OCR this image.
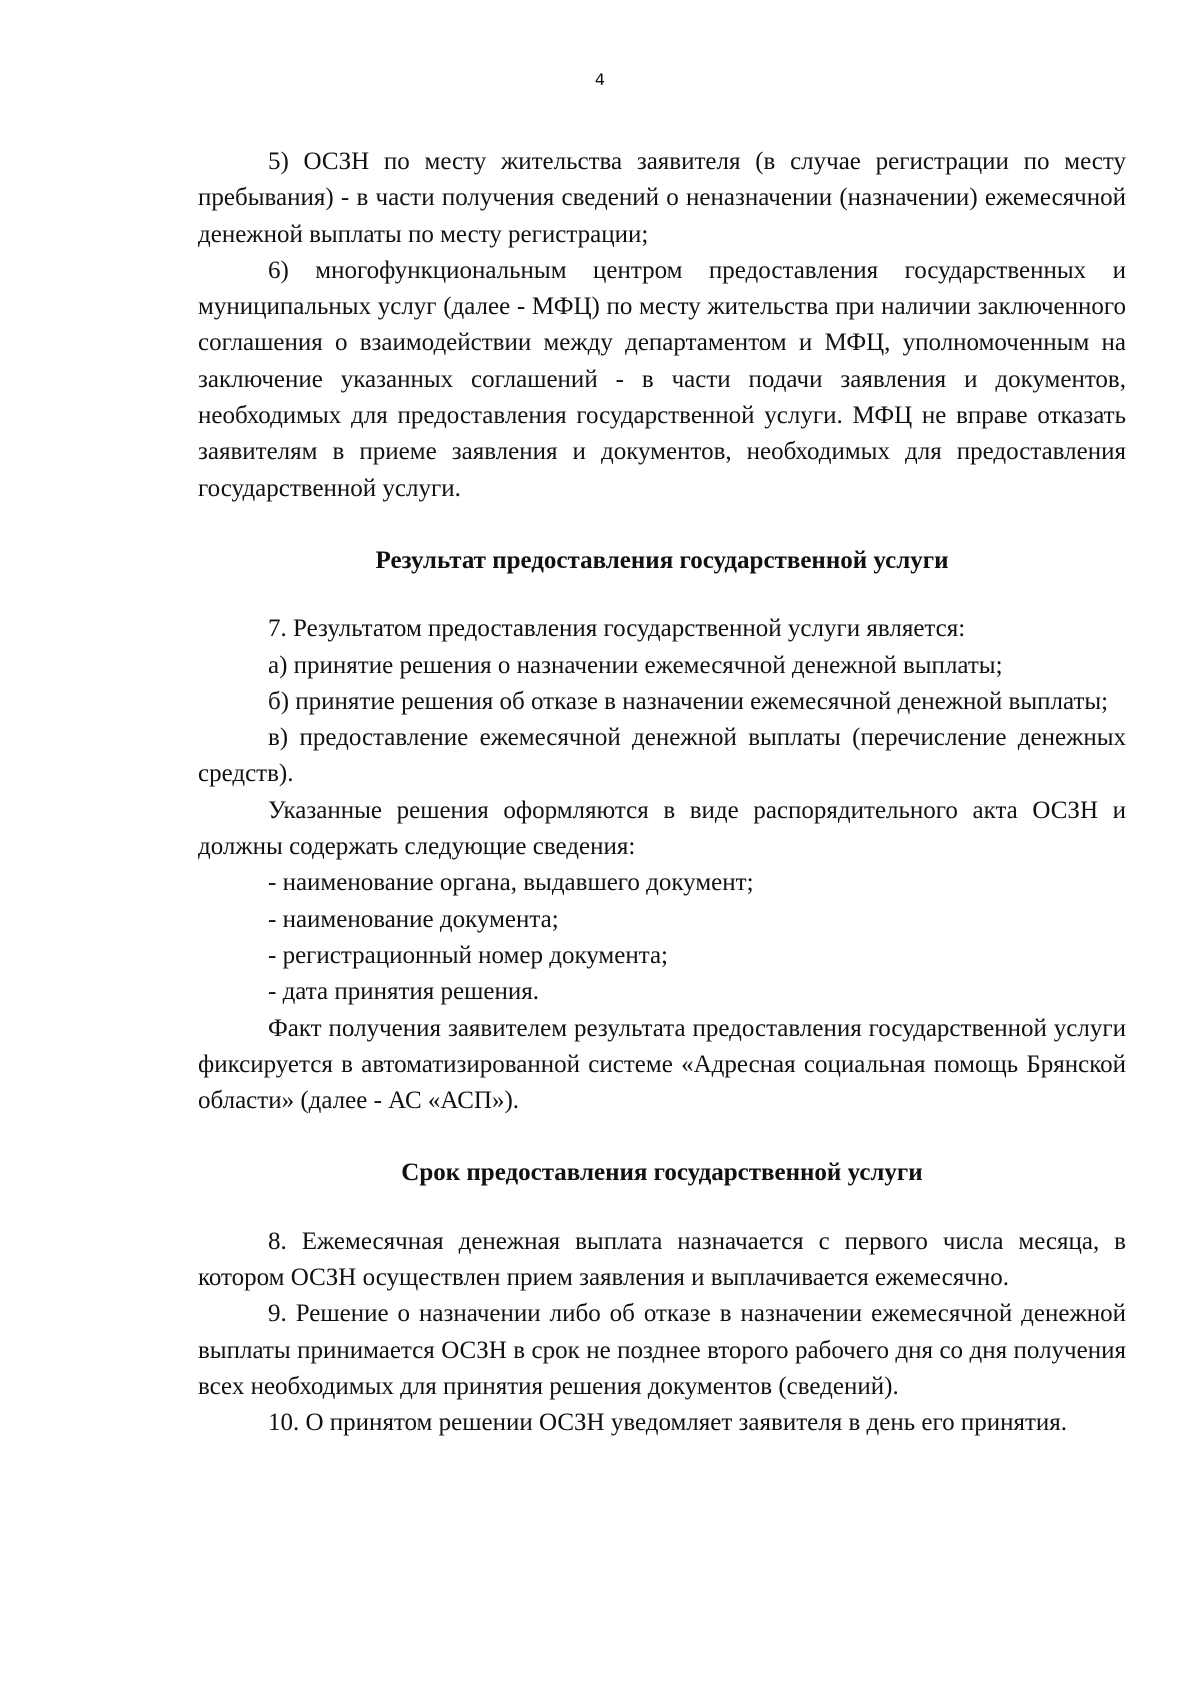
4

5) ОСЗН по месту жительства заявителя (в случае регистрации по месту пребывания) - в части получения сведений о неназначении (назначении) ежемесячной денежной выплаты по месту регистрации;

6) многофункциональным центром предоставления государственных и муниципальных услуг (далее - МФЦ) по месту жительства при наличии заключенного соглашения о взаимодействии между департаментом и МФЦ, уполномоченным на заключение указанных соглашений - в части подачи заявления и документов, необходимых для предоставления государственной услуги. МФЦ не вправе отказать заявителям в приеме заявления и документов, необходимых для предоставления государственной услуги.

Результат предоставления государственной услуги

7. Результатом предоставления государственной услуги является:

а) принятие решения о назначении ежемесячной денежной выплаты;

б) принятие решения об отказе в назначении ежемесячной денежной выплаты;

в) предоставление ежемесячной денежной выплаты (перечисление денежных средств).

Указанные решения оформляются в виде распорядительного акта ОСЗН и должны содержать следующие сведения:

- наименование органа, выдавшего документ;

- наименование документа;

- регистрационный номер документа;

- дата принятия решения.

Факт получения заявителем результата предоставления государственной услуги фиксируется в автоматизированной системе «Адресная социальная помощь Брянской области» (далее - АС «АСП»).

Срок предоставления государственной услуги

8. Ежемесячная денежная выплата назначается с первого числа месяца, в котором ОСЗН осуществлен прием заявления и выплачивается ежемесячно.

9. Решение о назначении либо об отказе в назначении ежемесячной денежной выплаты принимается ОСЗН в срок не позднее второго рабочего дня со дня получения всех необходимых для принятия решения документов (сведений).

10. О принятом решении ОСЗН уведомляет заявителя в день его принятия.
